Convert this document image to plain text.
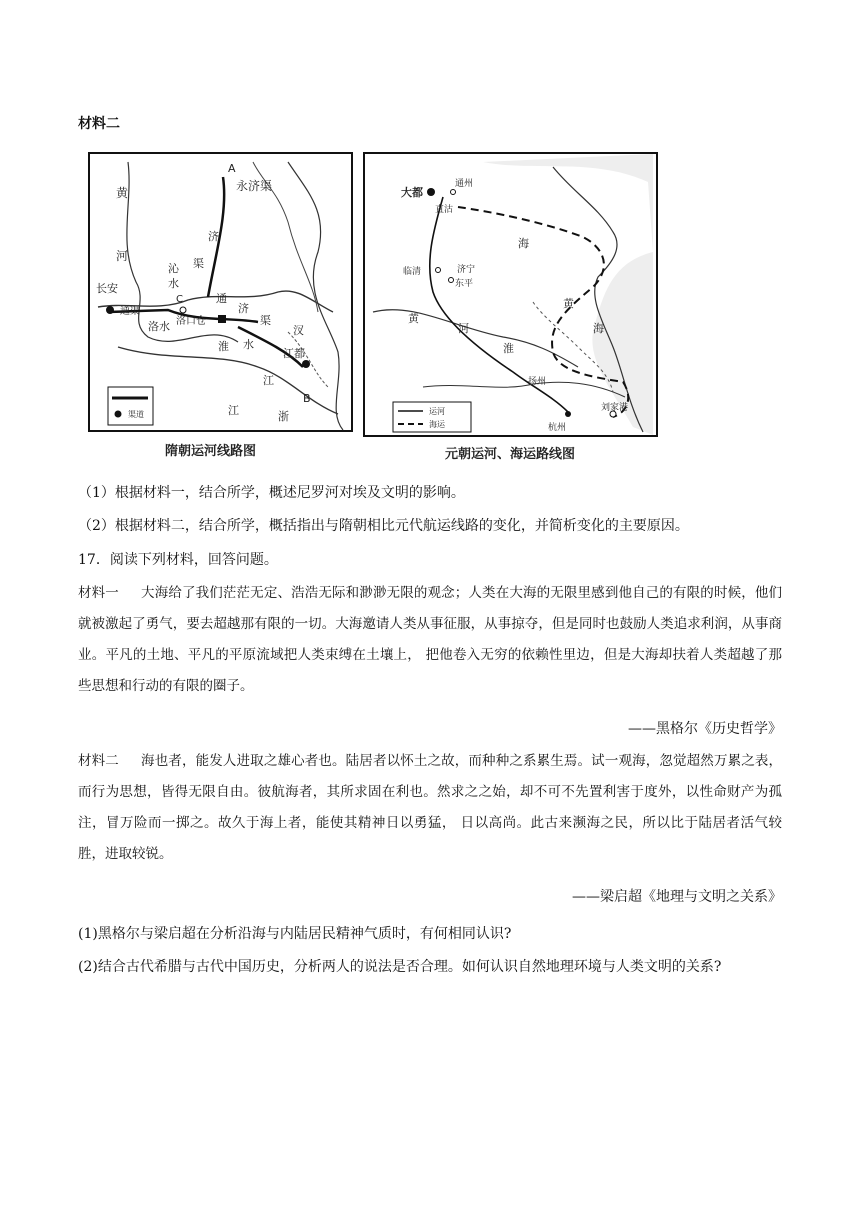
材料二
A
永济渠
黄
河
沁
水
济
渠
长安
通渠
C
洛口仓
通
济
渠
洛水
淮 水
江都
江
汊
B
江	浙
渠道
隋朝运河线路图
大都
通州
直沽
临清	济宁
东平
黄
河
海
黄
海
淮
扬州
刘家港
杭州
运河
海运
元朝运河、海运路线图
（1）根据材料一，结合所学，概述尼罗河对埃及文明的影响。
（2）根据材料二，结合所学，概括指出与隋朝相比元代航运线路的变化，并简析变化的主要原因。
17．阅读下列材料，回答问题。
材料一 大海给了我们茫茫无定、浩浩无际和渺渺无限的观念；人类在大海的无限里感到他自己的有限的时候，他们就被激起了勇气，要去超越那有限的一切。大海邀请人类从事征服，从事掠夺，但是同时也鼓励人类追求利润，从事商业。平凡的土地、平凡的平原流域把人类束缚在土壤上， 把他卷入无穷的依赖性里边，但是大海却扶着人类超越了那些思想和行动的有限的圈子。
——黑格尔《历史哲学》
材料二 海也者，能发人进取之雄心者也。陆居者以怀土之故，而种种之系累生焉。试一观海，忽觉超然万累之表，而行为思想，皆得无限自由。彼航海者，其所求固在利也。然求之之始，却不可不先置利害于度外，以性命财产为孤注，冒万险而一掷之。故久于海上者，能使其精神日以勇猛， 日以高尚。此古来濒海之民，所以比于陆居者活气较胜，进取较锐。
——梁启超《地理与文明之关系》
(1)黑格尔与梁启超在分析沿海与内陆居民精神气质时，有何相同认识?
(2)结合古代希腊与古代中国历史，分析两人的说法是否合理。如何认识自然地理环境与人类文明的关系?
